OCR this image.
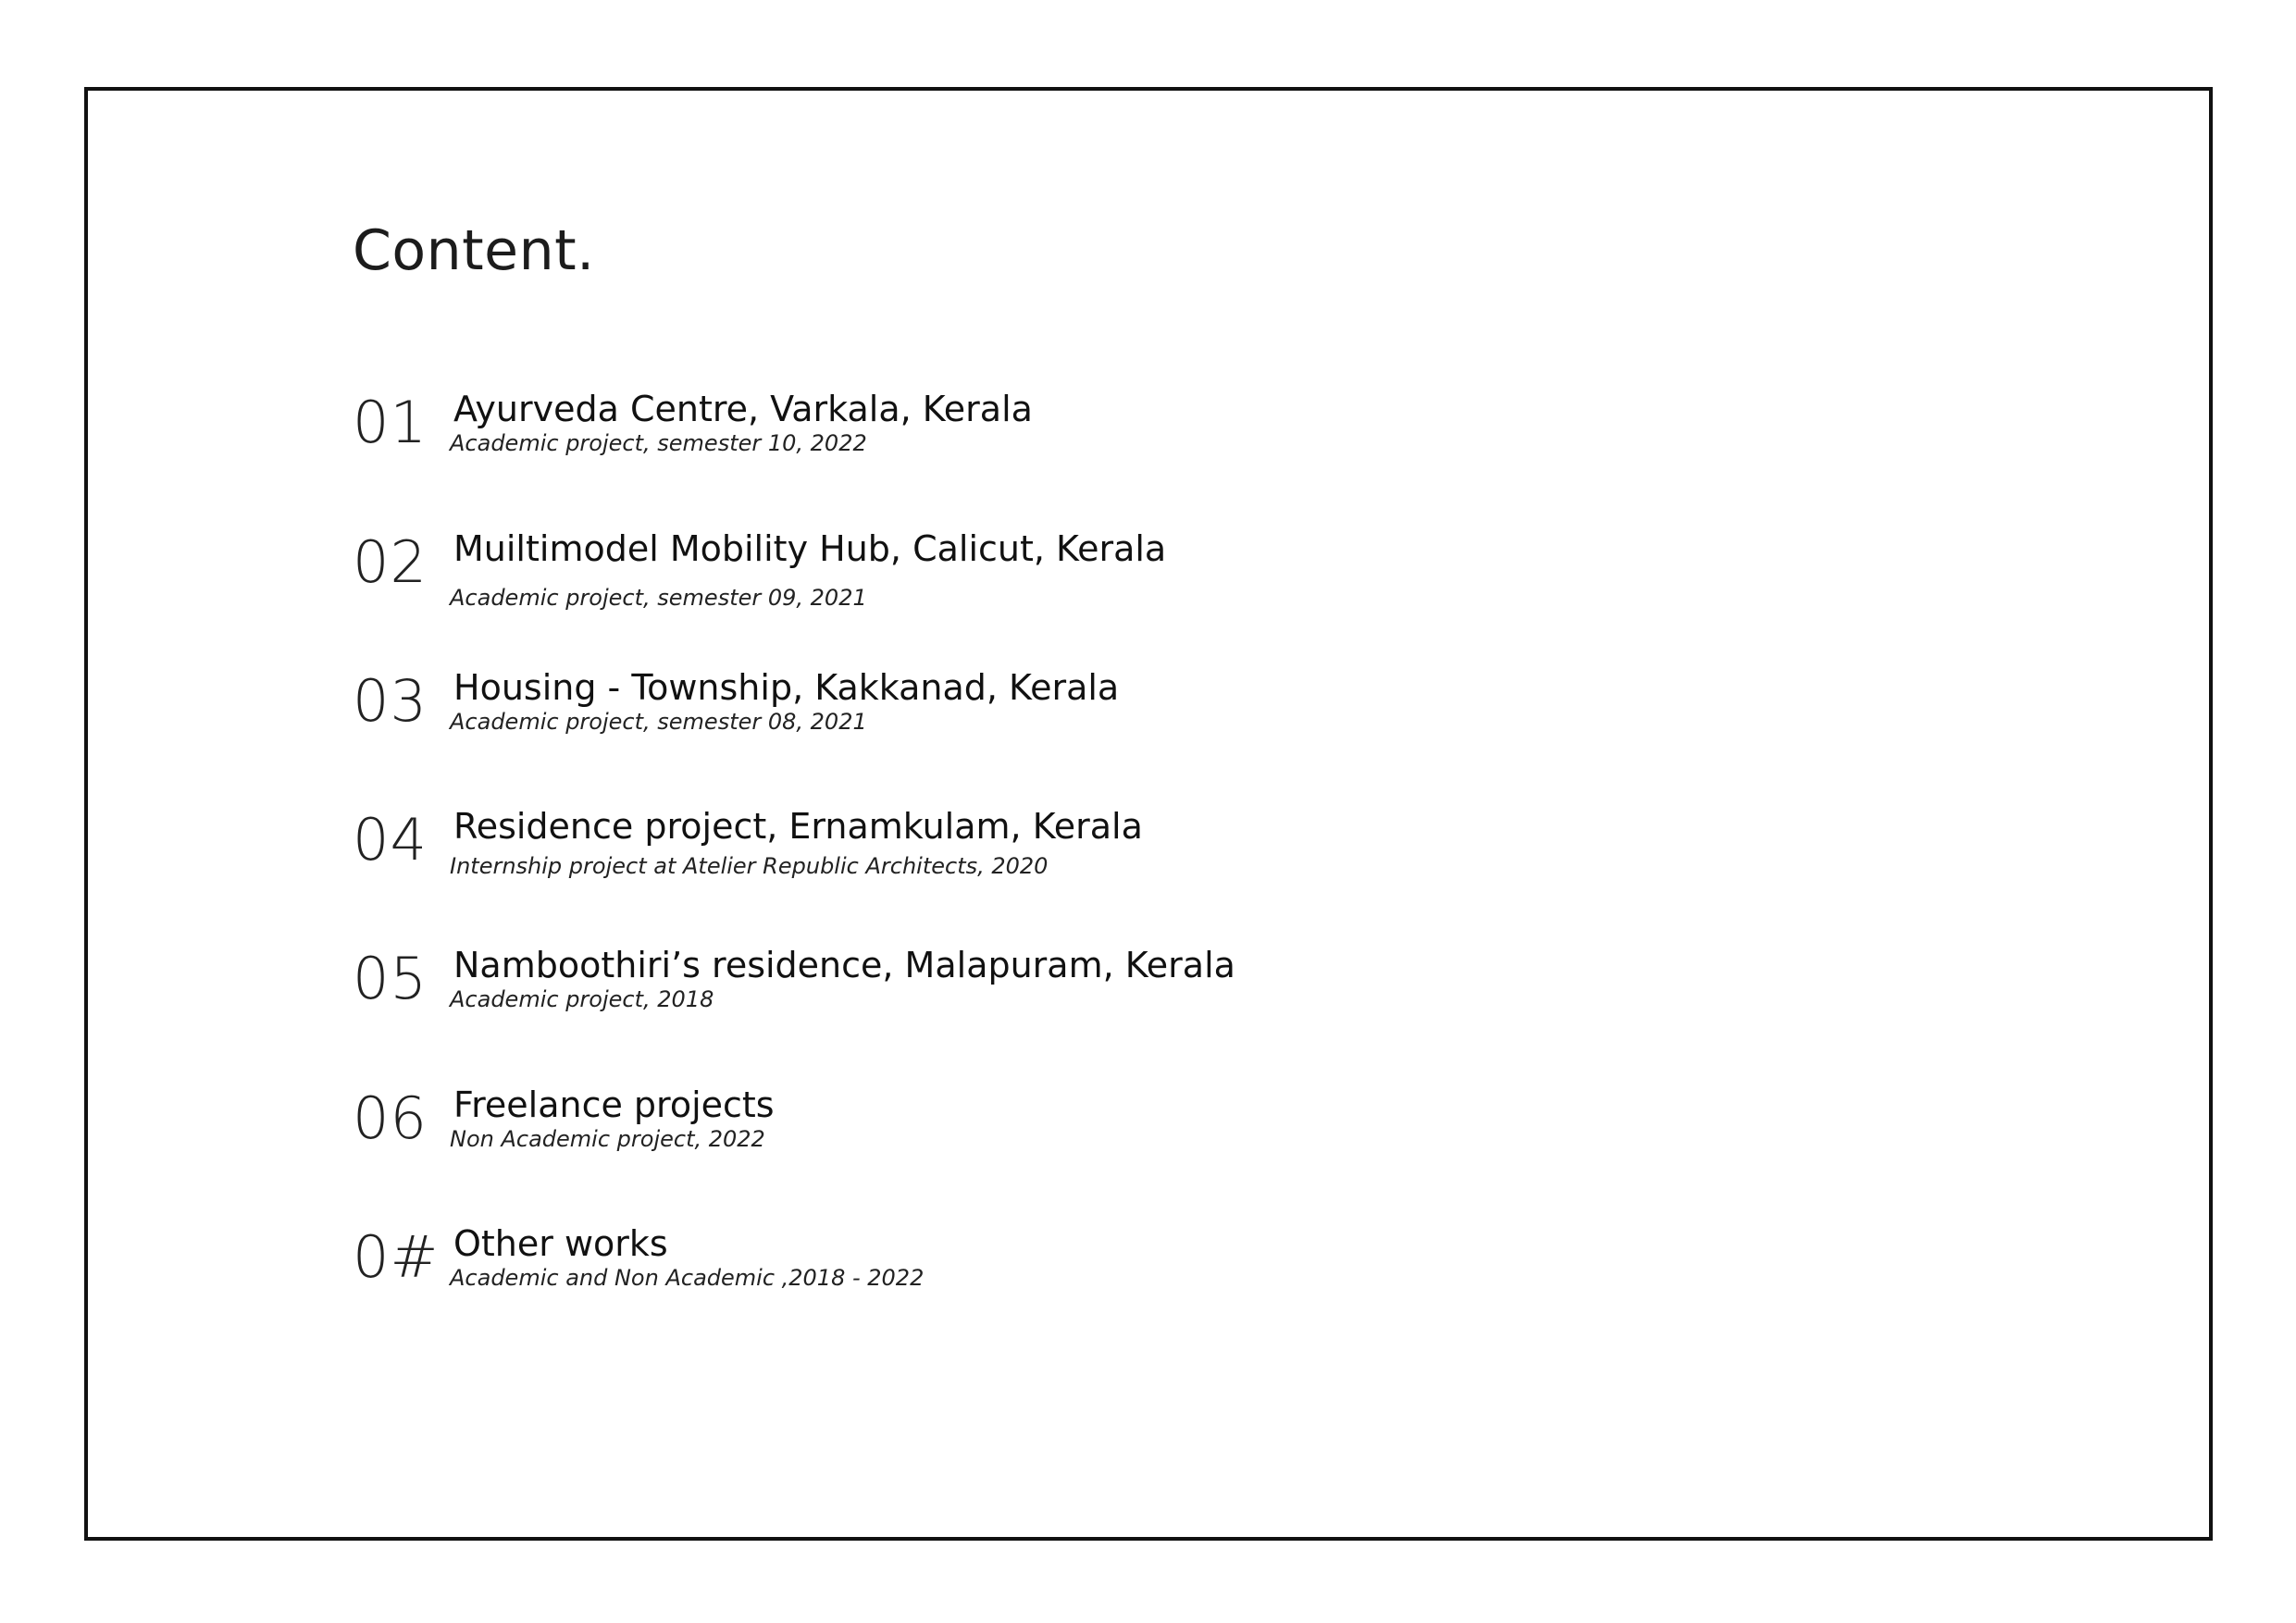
Content.
01 Ayurveda Centre, Varkala, Kerala
Academic project, semester 10, 2022
02 Muiltimodel Mobility Hub, Calicut, Kerala
Academic project, semester 09, 2021
03 Housing - Township, Kakkanad, Kerala
Academic project, semester 08, 2021
04 Residence project, Ernamkulam, Kerala
Internship project at Atelier Republic Architects, 2020
05 Namboothiri’s residence, Malapuram, Kerala
Academic project, 2018
06 Freelance projects
Non Academic project, 2022
0# Other works
Academic and Non Academic ,2018 - 2022
